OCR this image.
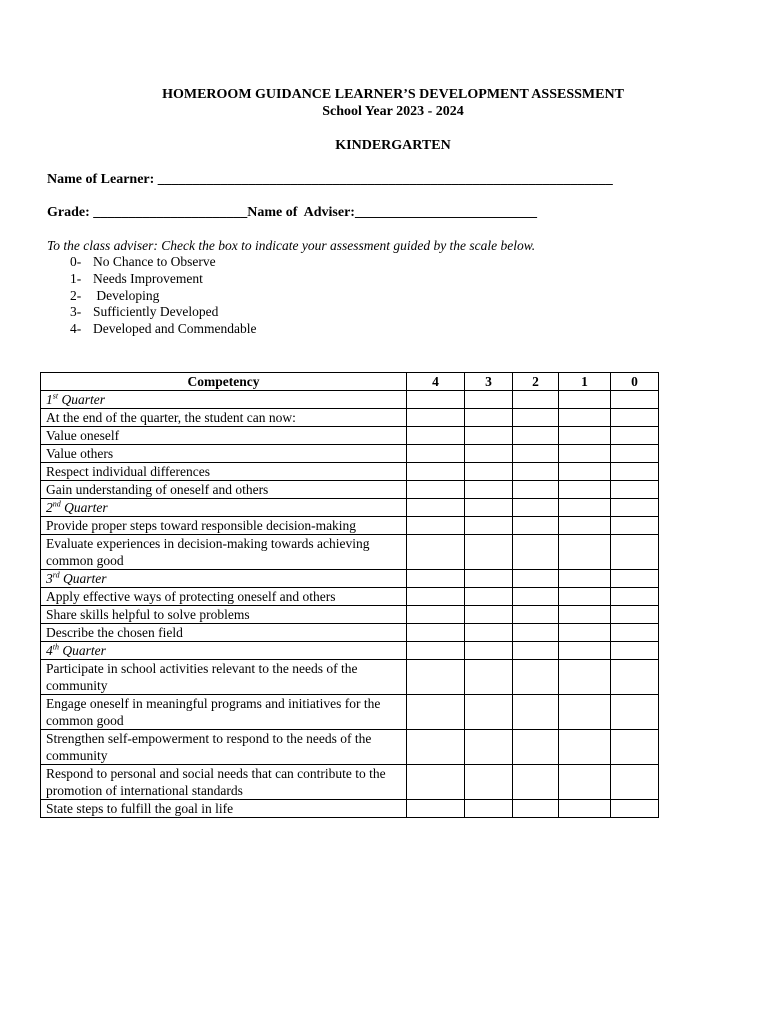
HOMEROOM GUIDANCE LEARNER’S DEVELOPMENT ASSESSMENT
School Year 2023 - 2024
KINDERGARTEN
Name of Learner: _________________________________________________________________
Grade: ______________________Name of  Adviser:__________________________
To the class adviser: Check the box to indicate your assessment guided by the scale below.
0- No Chance to Observe
1- Needs Improvement
2- Developing
3- Sufficiently Developed
4- Developed and Commendable
Competency	4	3	2	1	0
1st Quarter					
At the end of the quarter, the student can now:					
Value oneself					
Value others					
Respect individual differences					
Gain understanding of oneself and others					
2nd Quarter					
Provide proper steps toward responsible decision-making					
Evaluate experiences in decision-making towards achieving common good					
3rd Quarter					
Apply effective ways of protecting oneself and others					
Share skills helpful to solve problems					
Describe the chosen field					
4th Quarter					
Participate in school activities relevant to the needs of the community					
Engage oneself in meaningful programs and initiatives for the common good					
Strengthen self-empowerment to respond to the needs of the community					
Respond to personal and social needs that can contribute to the promotion of international standards					
State steps to fulfill the goal in life					
